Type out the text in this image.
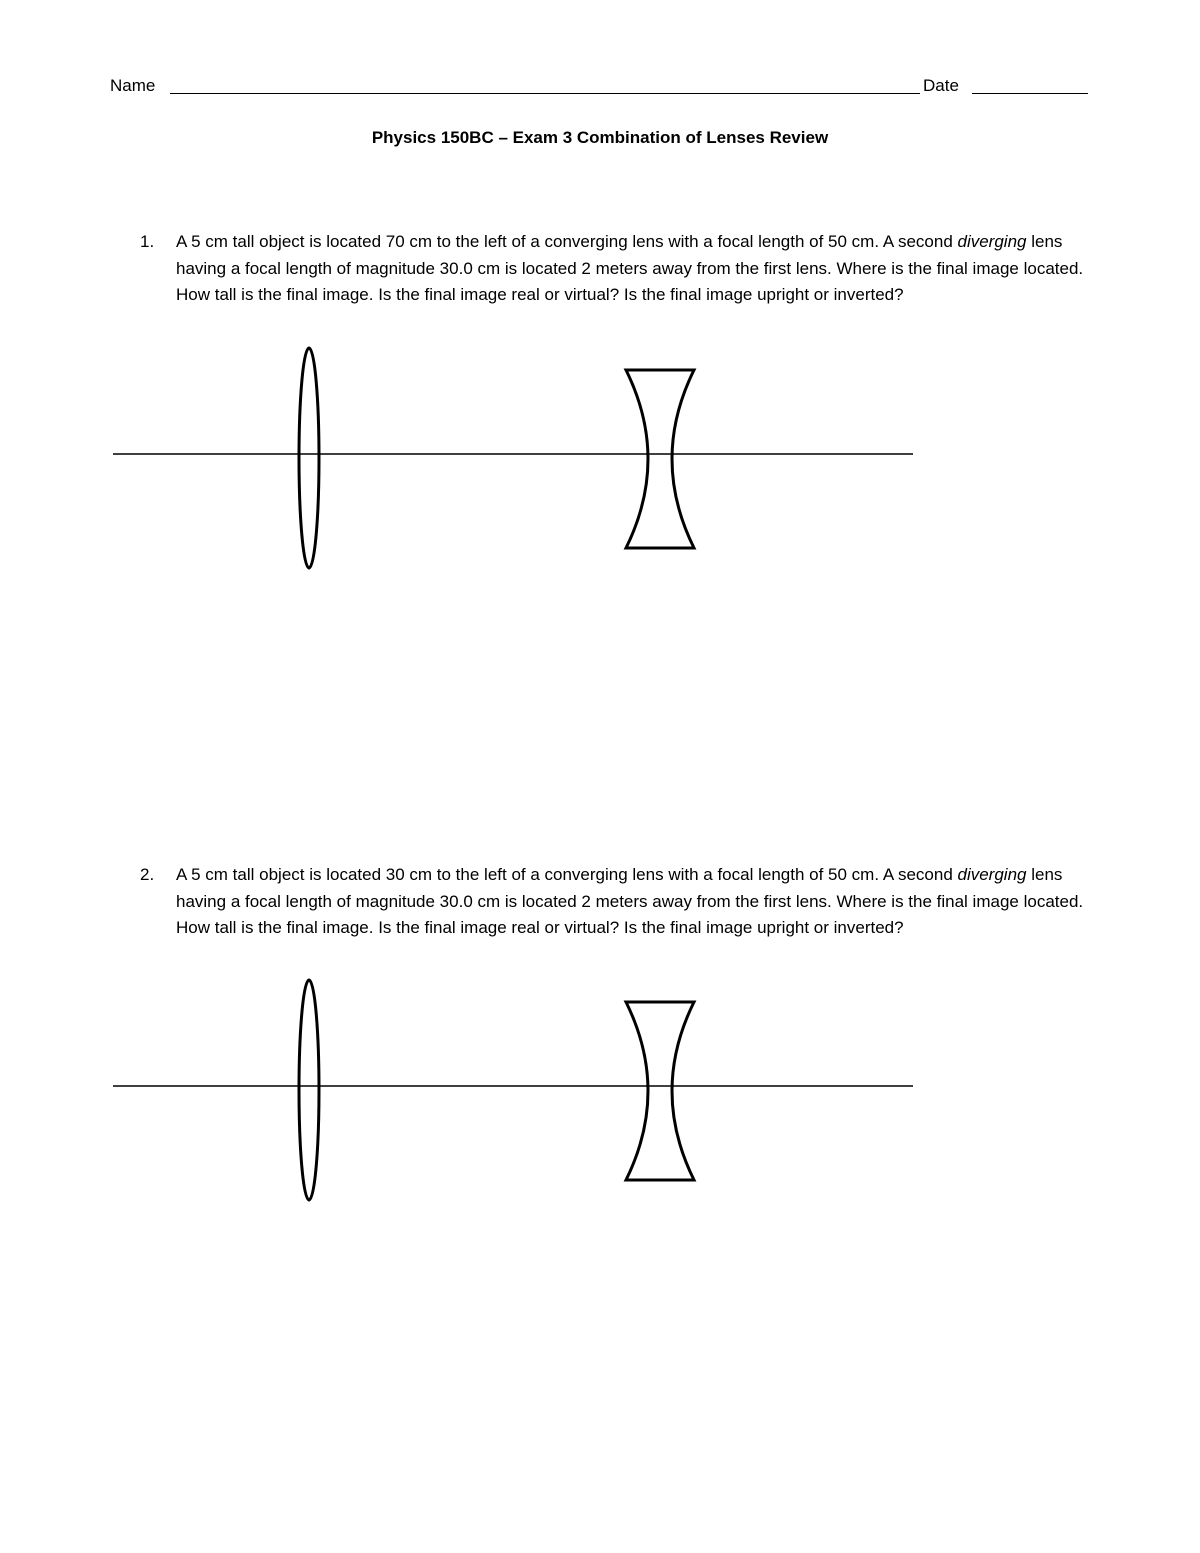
Name	Date
Physics 150BC – Exam 3 Combination of Lenses Review
1. A 5 cm tall object is located 70 cm to the left of a converging lens with a focal length of 50 cm. A second diverging lens having a focal length of magnitude 30.0 cm is located 2 meters away from the first lens. Where is the final image located. How tall is the final image. Is the final image real or virtual? Is the final image upright or inverted?
2. A 5 cm tall object is located 30 cm to the left of a converging lens with a focal length of 50 cm. A second diverging lens having a focal length of magnitude 30.0 cm is located 2 meters away from the first lens. Where is the final image located. How tall is the final image. Is the final image real or virtual? Is the final image upright or inverted?
